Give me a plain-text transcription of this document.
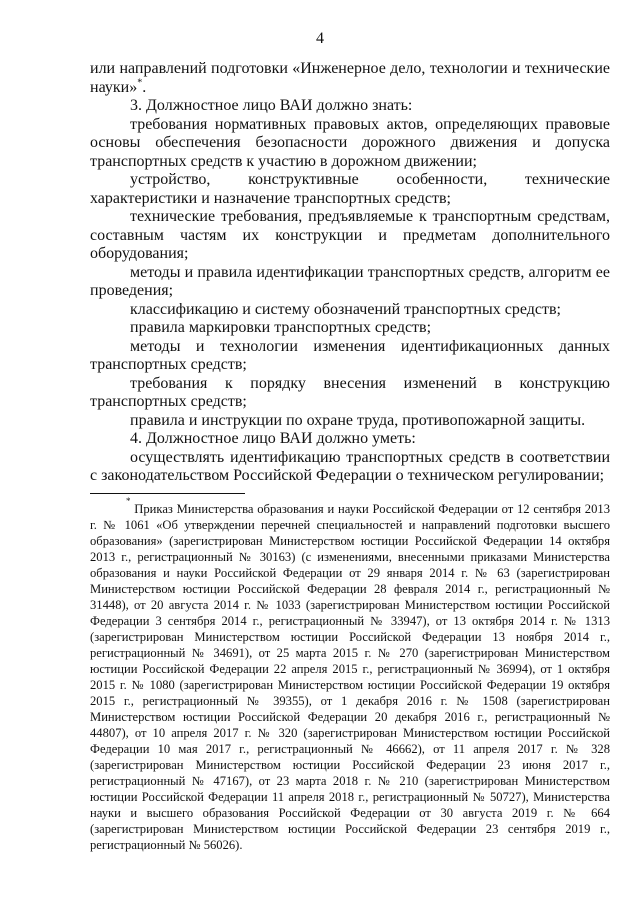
4

или направлений подготовки «Инженерное дело, технологии и технические науки»*.

3. Должностное лицо ВАИ должно знать:

требования нормативных правовых актов, определяющих правовые основы обеспечения безопасности дорожного движения и допуска транспортных средств к участию в дорожном движении;

устройство, конструктивные особенности, технические характеристики и назначение транспортных средств;

технические требования, предъявляемые к транспортным средствам, составным частям их конструкции и предметам дополнительного оборудования;

методы и правила идентификации транспортных средств, алгоритм ее проведения;

классификацию и систему обозначений транспортных средств;

правила маркировки транспортных средств;

методы и технологии изменения идентификационных данных транспортных средств;

требования к порядку внесения изменений в конструкцию транспортных средств;

правила и инструкции по охране труда, противопожарной защиты.

4. Должностное лицо ВАИ должно уметь:

осуществлять идентификацию транспортных средств в соответствии с законодательством Российской Федерации о техническом регулировании;

* Приказ Министерства образования и науки Российской Федерации от 12 сентября 2013 г. № 1061 «Об утверждении перечней специальностей и направлений подготовки высшего образования» (зарегистрирован Министерством юстиции Российской Федерации 14 октября 2013 г., регистрационный № 30163) (с изменениями, внесенными приказами Министерства образования и науки Российской Федерации от 29 января 2014 г. № 63 (зарегистрирован Министерством юстиции Российской Федерации 28 февраля 2014 г., регистрационный № 31448), от 20 августа 2014 г. № 1033 (зарегистрирован Министерством юстиции Российской Федерации 3 сентября 2014 г., регистрационный № 33947), от 13 октября 2014 г. № 1313 (зарегистрирован Министерством юстиции Российской Федерации 13 ноября 2014 г., регистрационный № 34691), от 25 марта 2015 г. № 270 (зарегистрирован Министерством юстиции Российской Федерации 22 апреля 2015 г., регистрационный № 36994), от 1 октября 2015 г. № 1080 (зарегистрирован Министерством юстиции Российской Федерации 19 октября 2015 г., регистрационный № 39355), от 1 декабря 2016 г. № 1508 (зарегистрирован Министерством юстиции Российской Федерации 20 декабря 2016 г., регистрационный № 44807), от 10 апреля 2017 г. № 320 (зарегистрирован Министерством юстиции Российской Федерации 10 мая 2017 г., регистрационный № 46662), от 11 апреля 2017 г. № 328 (зарегистрирован Министерством юстиции Российской Федерации 23 июня 2017 г., регистрационный № 47167), от 23 марта 2018 г. № 210 (зарегистрирован Министерством юстиции Российской Федерации 11 апреля 2018 г., регистрационный № 50727), Министерства науки и высшего образования Российской Федерации от 30 августа 2019 г. № 664 (зарегистрирован Министерством юстиции Российской Федерации 23 сентября 2019 г., регистрационный № 56026).
